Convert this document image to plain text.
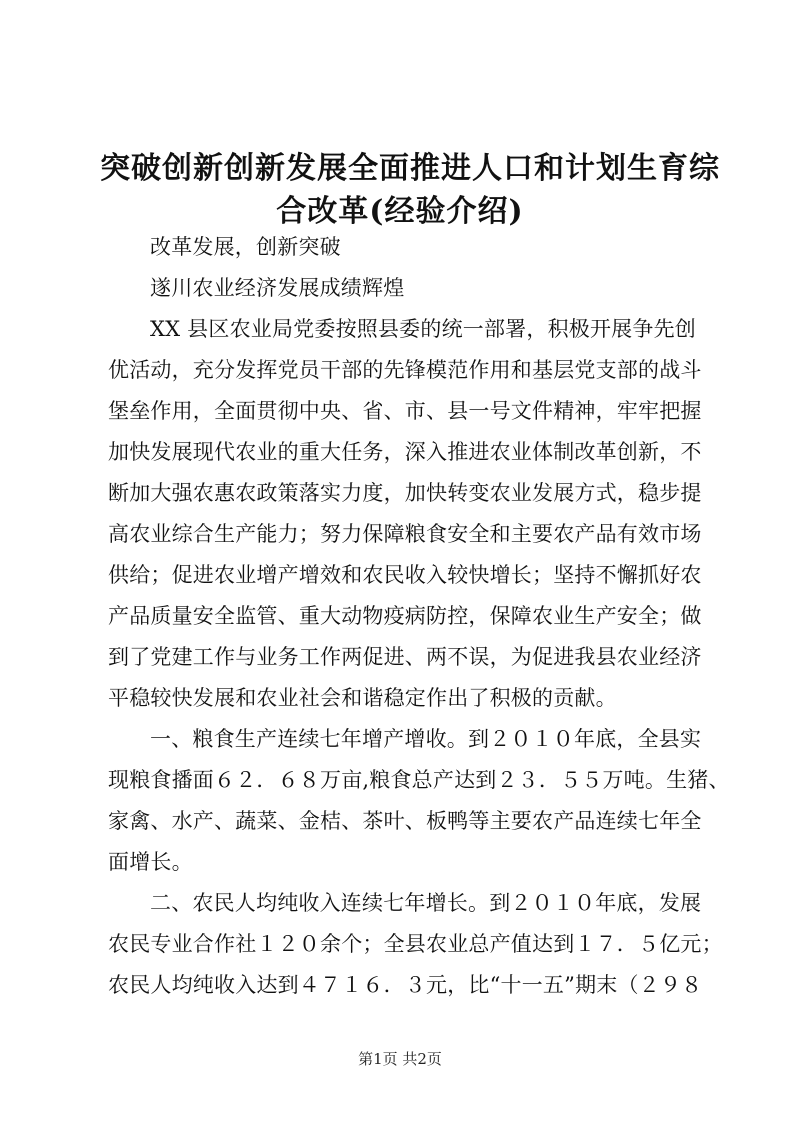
突破创新创新发展全面推进人口和计划生育综
合改革(经验介绍)
改革发展，创新突破
遂川农业经济发展成绩辉煌
XX 县区农业局党委按照县委的统一部署，积极开展争先创
优活动，充分发挥党员干部的先锋模范作用和基层党支部的战斗
堡垒作用，全面贯彻中央、省、市、县一号文件精神，牢牢把握
加快发展现代农业的重大任务，深入推进农业体制改革创新，不
断加大强农惠农政策落实力度，加快转变农业发展方式，稳步提
高农业综合生产能力；努力保障粮食安全和主要农产品有效市场
供给；促进农业增产增效和农民收入较快增长；坚持不懈抓好农
产品质量安全监管、重大动物疫病防控，保障农业生产安全；做
到了党建工作与业务工作两促进、两不误，为促进我县农业经济
平稳较快发展和农业社会和谐稳定作出了积极的贡献。
一、粮食生产连续七年增产增收。到２０１０年底，全县实
现粮食播面６２．６８万亩,粮食总产达到２３．５５万吨。生猪、
家禽、水产、蔬菜、金桔、茶叶、板鸭等主要农产品连续七年全
面增长。
二、农民人均纯收入连续七年增长。到２０１０年底，发展
农民专业合作社１２０余个；全县农业总产值达到１７．５亿元；
农民人均纯收入达到４７１６．３元，比“十一五”期末（２９８
第1页 共2页
